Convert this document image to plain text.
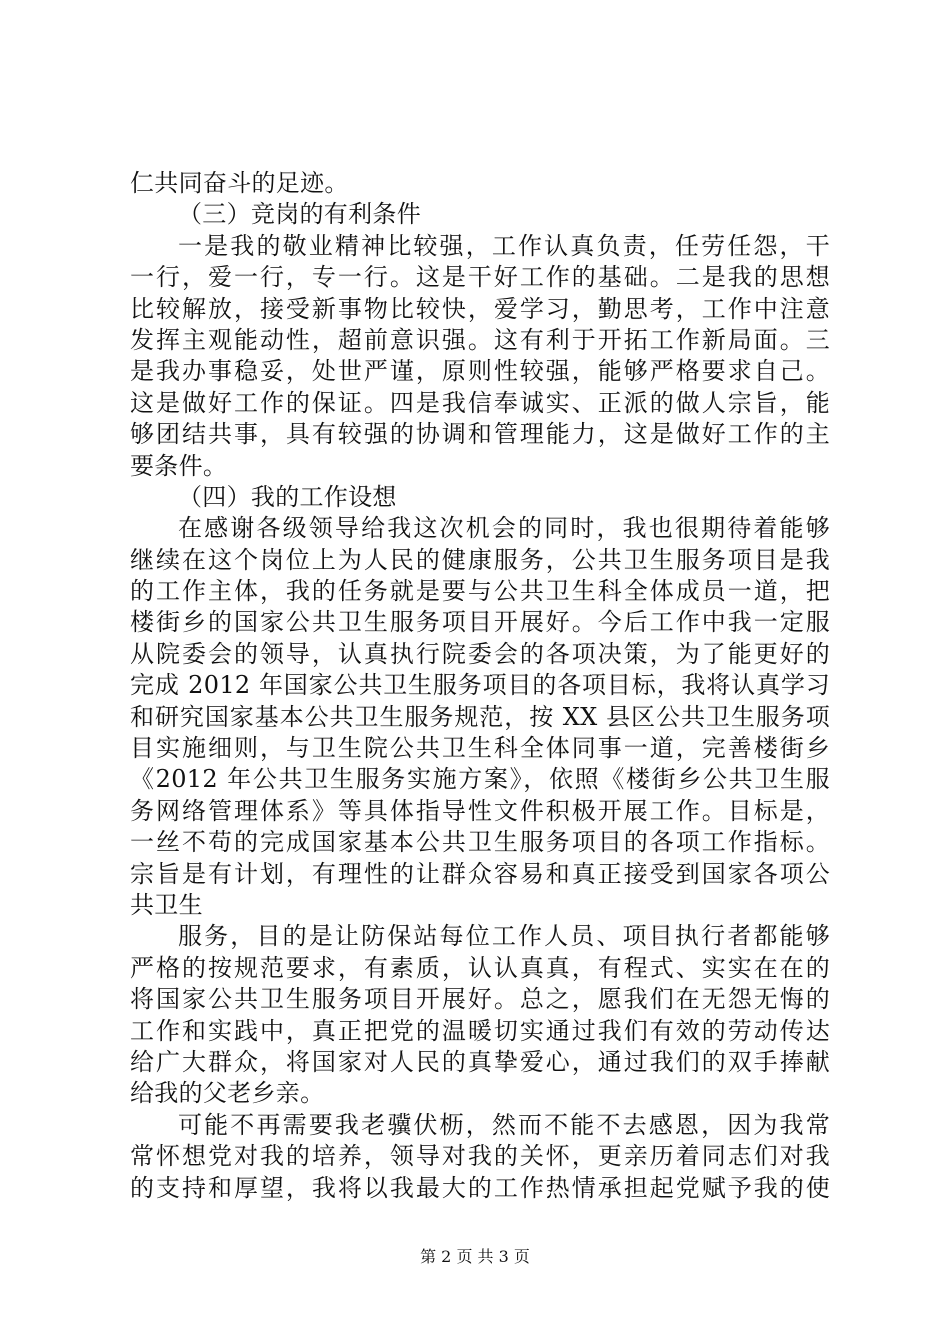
仁共同奋斗的足迹。
（三）竞岗的有利条件
一是我的敬业精神比较强，工作认真负责，任劳任怨，干
一行，爱一行，专一行。这是干好工作的基础。二是我的思想
比较解放，接受新事物比较快，爱学习，勤思考，工作中注意
发挥主观能动性，超前意识强。这有利于开拓工作新局面。三
是我办事稳妥，处世严谨，原则性较强，能够严格要求自己。
这是做好工作的保证。四是我信奉诚实、正派的做人宗旨，能
够团结共事，具有较强的协调和管理能力，这是做好工作的主
要条件。
（四）我的工作设想
在感谢各级领导给我这次机会的同时，我也很期待着能够
继续在这个岗位上为人民的健康服务，公共卫生服务项目是我
的工作主体，我的任务就是要与公共卫生科全体成员一道，把
楼街乡的国家公共卫生服务项目开展好。今后工作中我一定服
从院委会的领导，认真执行院委会的各项决策，为了能更好的
完成 2012 年国家公共卫生服务项目的各项目标，我将认真学习
和研究国家基本公共卫生服务规范，按 XX 县区公共卫生服务项
目实施细则，与卫生院公共卫生科全体同事一道，完善楼街乡
《2012 年公共卫生服务实施方案》，依照《楼街乡公共卫生服
务网络管理体系》等具体指导性文件积极开展工作。目标是，
一丝不苟的完成国家基本公共卫生服务项目的各项工作指标。
宗旨是有计划，有理性的让群众容易和真正接受到国家各项公
共卫生
服务，目的是让防保站每位工作人员、项目执行者都能够
严格的按规范要求，有素质，认认真真，有程式、实实在在的
将国家公共卫生服务项目开展好。总之，愿我们在无怨无悔的
工作和实践中，真正把党的温暖切实通过我们有效的劳动传达
给广大群众，将国家对人民的真挚爱心，通过我们的双手捧献
给我的父老乡亲。
可能不再需要我老骥伏枥，然而不能不去感恩，因为我常
常怀想党对我的培养，领导对我的关怀，更亲历着同志们对我
的支持和厚望，我将以我最大的工作热情承担起党赋予我的使
第 2 页 共 3 页
